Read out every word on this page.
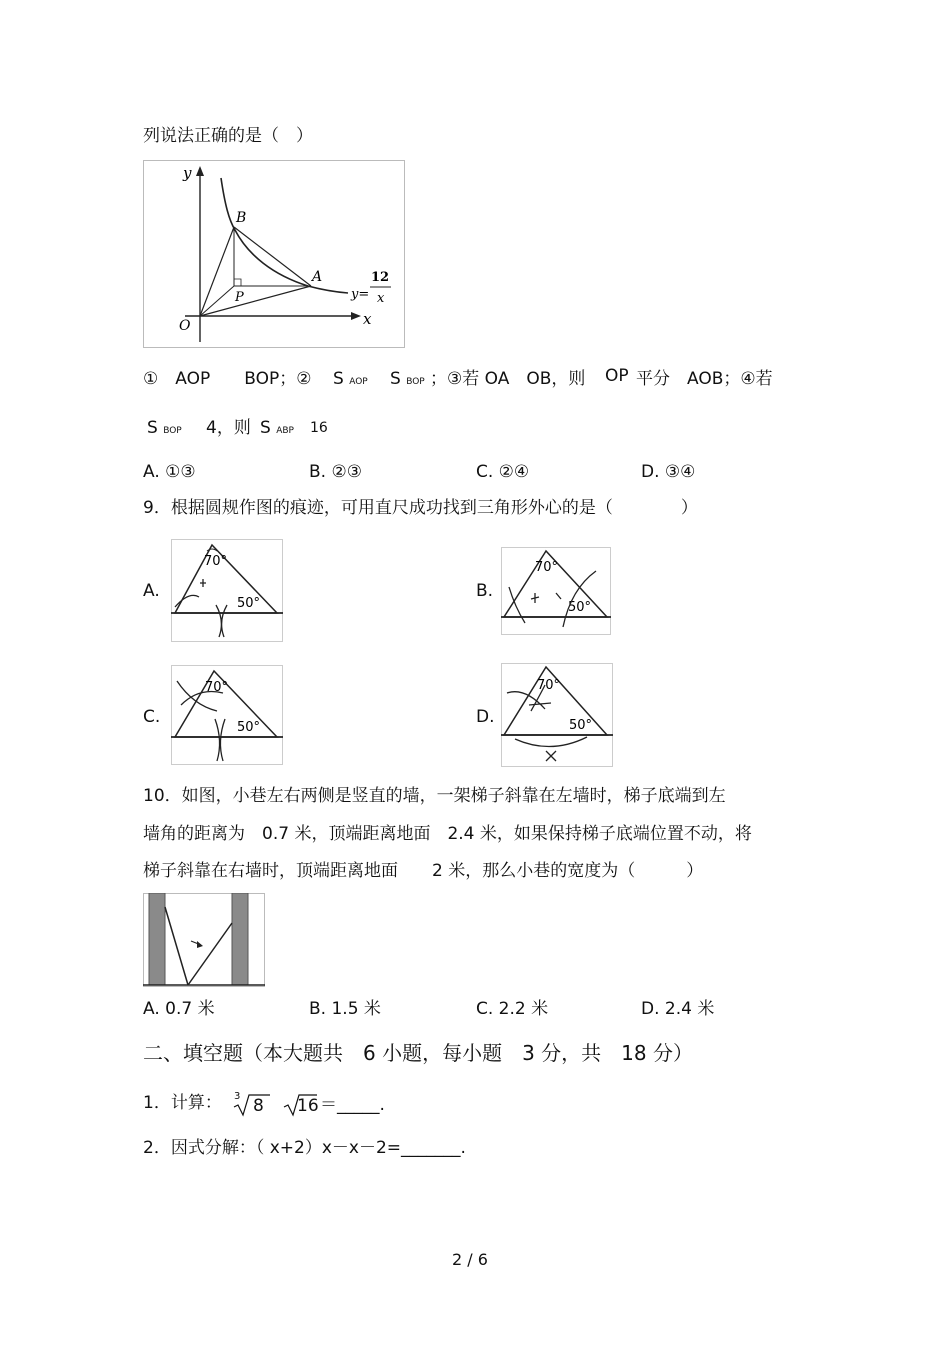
列说法正确的是（　）
y
x
O
B
A
P	y=
12
x
①　AOP　　BOP；② S AOP S BOP ；③若 OA　OB，则 OP 平分　AOB；④若
S BOP 4，则 S ABP 16
A. ①③	B. ②③	C. ②④	D. ③④
9．根据圆规作图的痕迹，可用直尺成功找到三角形外心的是（　　　　）
A.
70°
50°
B.
70°
50°
C.
70°
50°
D.
70°
50°
10．如图，小巷左右两侧是竖直的墙，一架梯子斜靠在左墙时，梯子底端到左
墙角的距离为　0.7 米，顶端距离地面　2.4 米，如果保持梯子底端位置不动，将
梯子斜靠在右墙时，顶端距离地面　　2 米，那么小巷的宽度为（　　　）
A. 0.7 米	B. 1.5 米	C. 2.2 米	D. 2.4 米
二、填空题（本大题共　6 小题，每小题　3 分，共　18 分）
1．计算： 3 8 16 ＝_____.
2．因式分解：（ x+2）x－x－2=_______.
2 / 6
